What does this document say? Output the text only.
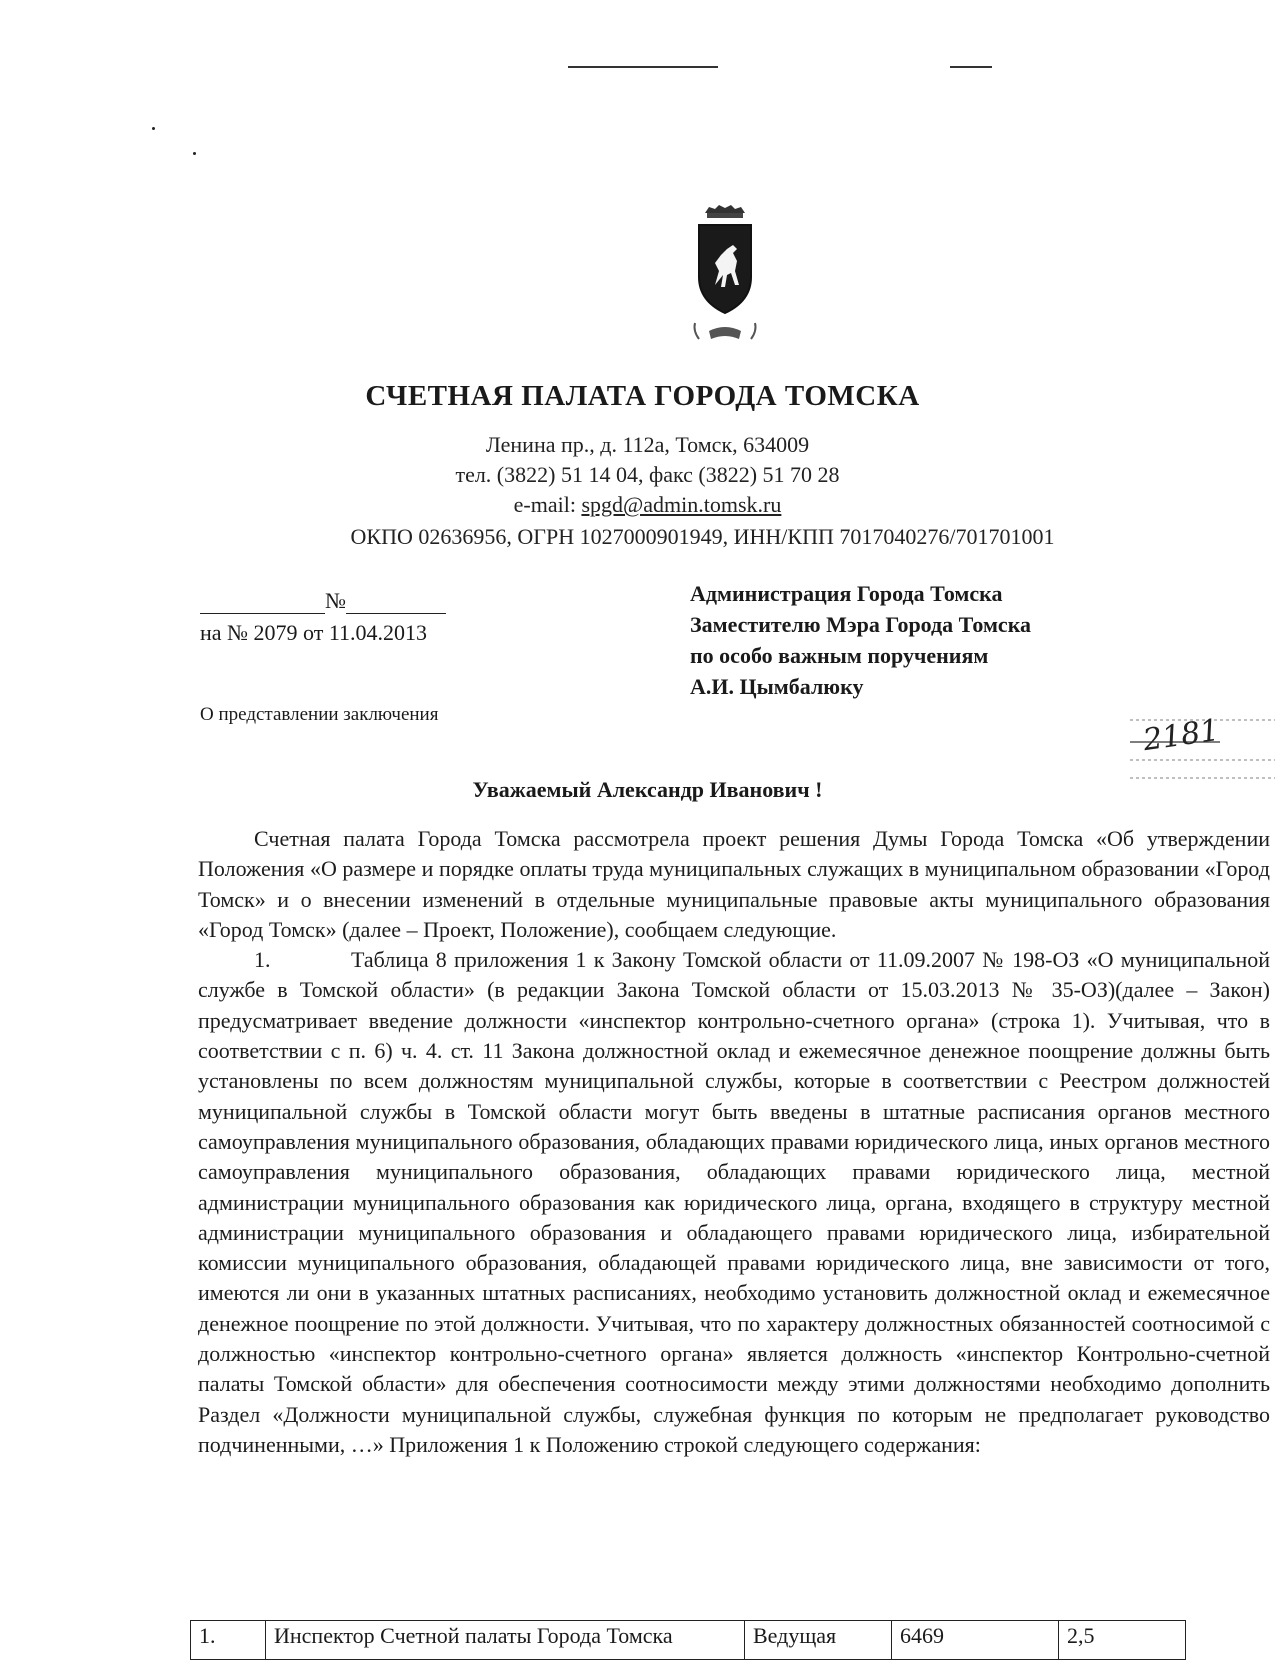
СЧЕТНАЯ ПАЛАТА ГОРОДА ТОМСКА
Ленина пр., д. 112а, Томск, 634009
тел. (3822) 51 14 04, факс (3822) 51 70 28
e-mail: spgd@admin.tomsk.ru
ОКПО 02636956, ОГРН 1027000901949, ИНН/КПП 7017040276/701701001
№
на № 2079 от 11.04.2013
О представлении заключения
Администрация Города Томска
Заместителю Мэра Города Томска
по особо важным поручениям
А.И. Цымбалюку
2181
Уважаемый Александр Иванович !

Счетная палата Города Томска рассмотрела проект решения Думы Города Томска «Об утверждении Положения «О размере и порядке оплаты труда муниципальных служащих в муниципальном образовании «Город Томск» и о внесении изменений в отдельные муниципальные правовые акты муниципального образования «Город Томск» (далее – Проект, Положение), сообщаем следующие.

1.	Таблица 8 приложения 1 к Закону Томской области от 11.09.2007 № 198-ОЗ «О муниципальной службе в Томской области» (в редакции Закона Томской области от 15.03.2013 № 35-ОЗ)(далее – Закон) предусматривает введение должности «инспектор контрольно-счетного органа» (строка 1). Учитывая, что в соответствии с п. 6) ч. 4. ст. 11 Закона должностной оклад и ежемесячное денежное поощрение должны быть установлены по всем должностям муниципальной службы, которые в соответствии с Реестром должностей муниципальной службы в Томской области могут быть введены в штатные расписания органов местного самоуправления муниципального образования, обладающих правами юридического лица, иных органов местного самоуправления муниципального образования, обладающих правами юридического лица, местной администрации муниципального образования как юридического лица, органа, входящего в структуру местной администрации муниципального образования и обладающего правами юридического лица, избирательной комиссии муниципального образования, обладающей правами юридического лица, вне зависимости от того, имеются ли они в указанных штатных расписаниях, необходимо установить должностной оклад и ежемесячное денежное поощрение по этой должности. Учитывая, что по характеру должностных обязанностей соотносимой с должностью «инспектор контрольно-счетного органа» является должность «инспектор Контрольно-счетной палаты Томской области» для обеспечения соотносимости между этими должностями необходимо дополнить Раздел «Должности муниципальной службы, служебная функция по которым не предполагает руководство подчиненными, …» Приложения 1 к Положению строкой следующего содержания:

1.	Инспектор Счетной палаты Города Томска	Ведущая	6469	2,5
